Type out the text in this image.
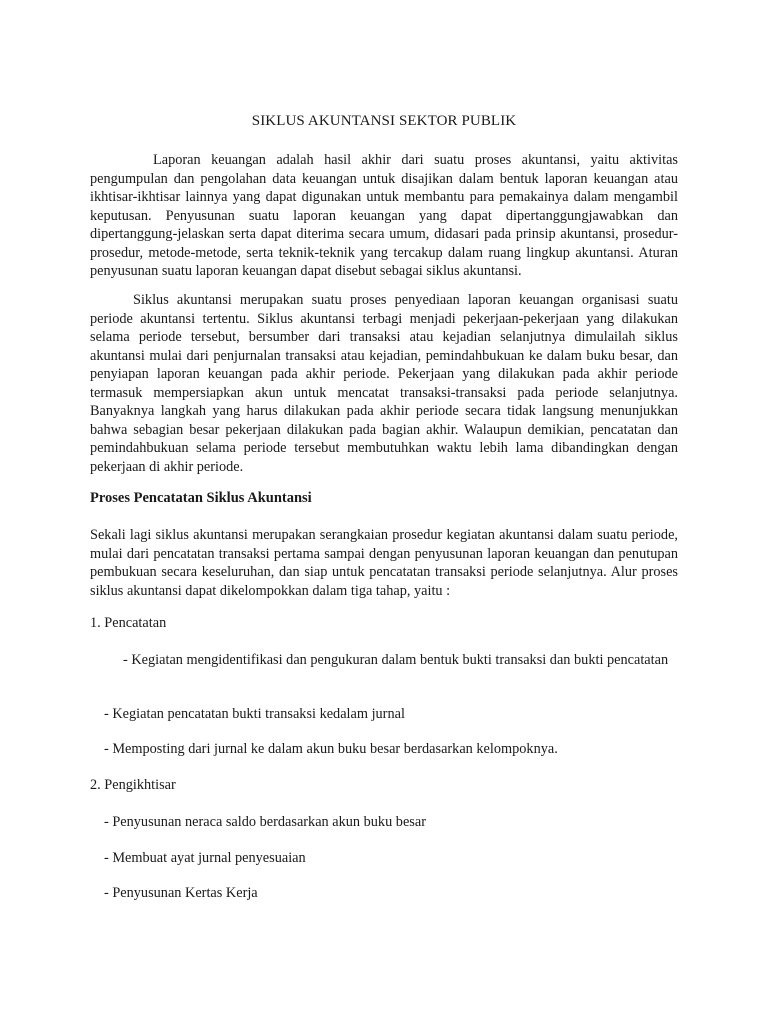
SIKLUS AKUNTANSI SEKTOR PUBLIK

Laporan keuangan adalah hasil akhir dari suatu proses akuntansi, yaitu aktivitas pengumpulan dan pengolahan data keuangan untuk disajikan dalam bentuk laporan keuangan atau ikhtisar-ikhtisar lainnya yang dapat digunakan untuk membantu para pemakainya dalam mengambil keputusan. Penyusunan suatu laporan keuangan yang dapat dipertanggungjawabkan dan dipertanggung-jelaskan serta dapat diterima secara umum, didasari pada prinsip akuntansi, prosedur-prosedur, metode-metode, serta teknik-teknik yang tercakup dalam ruang lingkup akuntansi. Aturan penyusunan suatu laporan keuangan dapat disebut sebagai siklus akuntansi.

Siklus akuntansi merupakan suatu proses penyediaan laporan keuangan organisasi suatu periode akuntansi tertentu. Siklus akuntansi terbagi menjadi pekerjaan-pekerjaan yang dilakukan selama periode tersebut, bersumber dari transaksi atau kejadian selanjutnya dimulailah siklus akuntansi mulai dari penjurnalan transaksi atau kejadian, pemindahbukuan ke dalam buku besar, dan penyiapan laporan keuangan pada akhir periode. Pekerjaan yang dilakukan pada akhir periode termasuk mempersiapkan akun untuk mencatat transaksi-transaksi pada periode selanjutnya. Banyaknya langkah yang harus dilakukan pada akhir periode secara tidak langsung menunjukkan bahwa sebagian besar pekerjaan dilakukan pada bagian akhir. Walaupun demikian, pencatatan dan pemindahbukuan selama periode tersebut membutuhkan waktu lebih lama dibandingkan dengan pekerjaan di akhir periode.

Proses Pencatatan Siklus Akuntansi

Sekali lagi siklus akuntansi merupakan serangkaian prosedur kegiatan akuntansi dalam suatu periode, mulai dari pencatatan transaksi pertama sampai dengan penyusunan laporan keuangan dan penutupan pembukuan secara keseluruhan, dan siap untuk pencatatan transaksi periode selanjutnya. Alur proses siklus akuntansi dapat dikelompokkan dalam tiga tahap, yaitu :

1. Pencatatan

- Kegiatan mengidentifikasi dan pengukuran dalam bentuk bukti transaksi dan bukti pencatatan

- Kegiatan pencatatan bukti transaksi kedalam jurnal

- Memposting dari jurnal ke dalam akun buku besar berdasarkan kelompoknya.

2. Pengikhtisar

- Penyusunan neraca saldo berdasarkan akun buku besar

- Membuat ayat jurnal penyesuaian

- Penyusunan Kertas Kerja
